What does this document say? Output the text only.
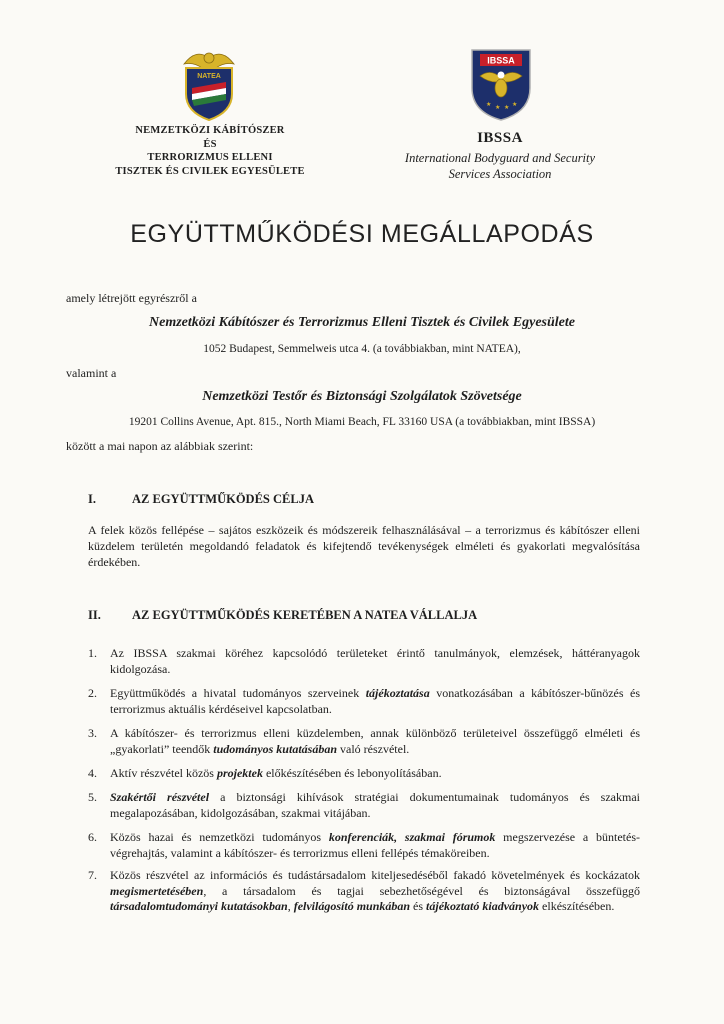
NATEA
IBSSA
★ ★ ★ ★
NEMZETKÖZI KÁBÍTÓSZER
ÉS
TERRORIZMUS ELLENI
TISZTEK ÉS CIVILEK EGYESÜLETE
IBSSA
International Bodyguard and Security
Services Association
EGYÜTTMŰKÖDÉSI MEGÁLLAPODÁS
amely létrejött egyrészről a
Nemzetközi Kábítószer és Terrorizmus Elleni Tisztek és Civilek Egyesülete
1052 Budapest, Semmelweis utca 4. (a továbbiakban, mint NATEA),
valamint a
Nemzetközi Testőr és Biztonsági Szolgálatok Szövetsége
19201 Collins Avenue, Apt. 815., North Miami Beach, FL 33160 USA (a továbbiakban, mint IBSSA)
között a mai napon az alábbiak szerint:
I.	AZ EGYÜTTMŰKÖDÉS CÉLJA
A felek közös fellépése – sajátos eszközeik és módszereik felhasználásával – a terrorizmus és kábítószer elleni küzdelem területén megoldandó feladatok és kifejtendő tevékenységek elméleti és gyakorlati megvalósítása érdekében.
II. AZ EGYÜTTMŰKÖDÉS KERETÉBEN A NATEA VÁLLALJA
1.	Az IBSSA szakmai köréhez kapcsolódó területeket érintő tanulmányok, elemzések, háttéranyagok kidolgozása.
2.	Együttműködés a hivatal tudományos szerveinek tájékoztatása vonatkozásában a kábítószer-bűnözés és terrorizmus aktuális kérdéseivel kapcsolatban.
3.	A kábítószer- és terrorizmus elleni küzdelemben, annak különböző területeivel összefüggő elméleti és „gyakorlati” teendők tudományos kutatásában való részvétel.
4.	Aktív részvétel közös projektek előkészítésében és lebonyolításában.
5.	Szakértői részvétel a biztonsági kihívások stratégiai dokumentumainak tudományos és szakmai megalapozásában, kidolgozásában, szakmai vitájában.
6.	Közös hazai és nemzetközi tudományos konferenciák, szakmai fórumok megszervezése a büntetés-végrehajtás, valamint a kábítószer- és terrorizmus elleni fellépés témaköreiben.
7.	Közös részvétel az információs és tudástársadalom kiteljesedéséből fakadó követelmények és kockázatok megismertetésében, a társadalom és tagjai sebezhetőségével és biztonságával összefüggő társadalomtudományi kutatásokban, felvilágosító munkában és tájékoztató kiadványok elkészítésében.
